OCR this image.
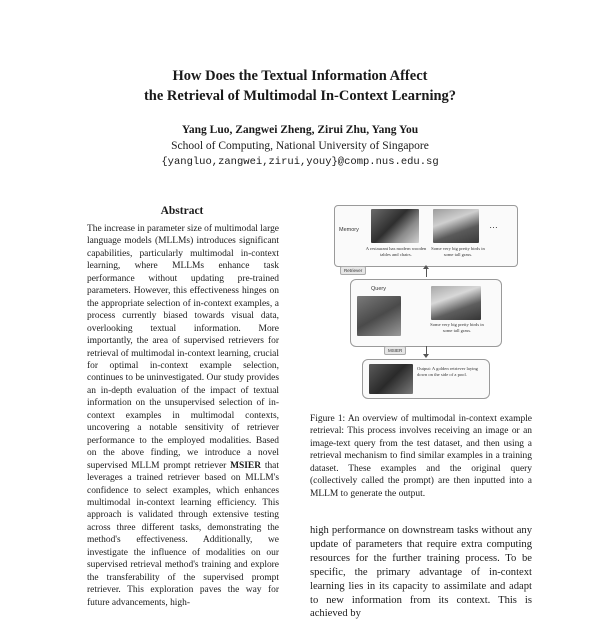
How Does the Textual Information Affect
the Retrieval of Multimodal In-Context Learning?
Yang Luo, Zangwei Zheng, Zirui Zhu, Yang You
School of Computing, National University of Singapore
{yangluo,zangwei,zirui,youy}@comp.nus.edu.sg
Abstract

The increase in parameter size of multimodal large language models (MLLMs) introduces significant capabilities, particularly multimodal in-context learning, where MLLMs enhance task performance without updating pre-trained parameters. However, this effectiveness hinges on the appropriate selection of in-context examples, a process currently biased towards visual data, overlooking textual information. More importantly, the area of supervised retrievers for retrieval of multimodal in-context learning, crucial for optimal in-context example selection, continues to be uninvestigated. Our study provides an in-depth evaluation of the impact of textual information on the unsupervised selection of in-context examples in multimodal contexts, uncovering a notable sensitivity of retriever performance to the employed modalities. Based on the above finding, we introduce a novel supervised MLLM prompt retriever MSIER that leverages a trained retriever based on MLLM's confidence to select examples, which enhances multimodal in-context learning efficiency. This approach is validated through extensive testing across three different tasks, demonstrating the method's effectiveness. Additionally, we investigate the influence of modalities on our supervised retrieval method's training and explore the transferability of the supervised prompt retriever. This exploration paves the way for future advancements, high-

Memory	…
A restaurant has modern wooden tables and chairs.
Some very big pretty birds in some tall grass.
Retriever
Query
Some very big pretty birds in some tall grass.
MSIER
Output: A golden retriever laying down on the side of a pool.

Figure 1: An overview of multimodal in-context example retrieval: This process involves receiving an image or an image-text query from the test dataset, and then using a retrieval mechanism to find similar examples in a training dataset. These examples and the original query (collectively called the prompt) are then inputted into a MLLM to generate the output.

high performance on downstream tasks without any update of parameters that require extra computing resources for the further training process. To be specific, the primary advantage of in-context learning lies in its capacity to assimilate and adapt to new information from its context. This is achieved by
